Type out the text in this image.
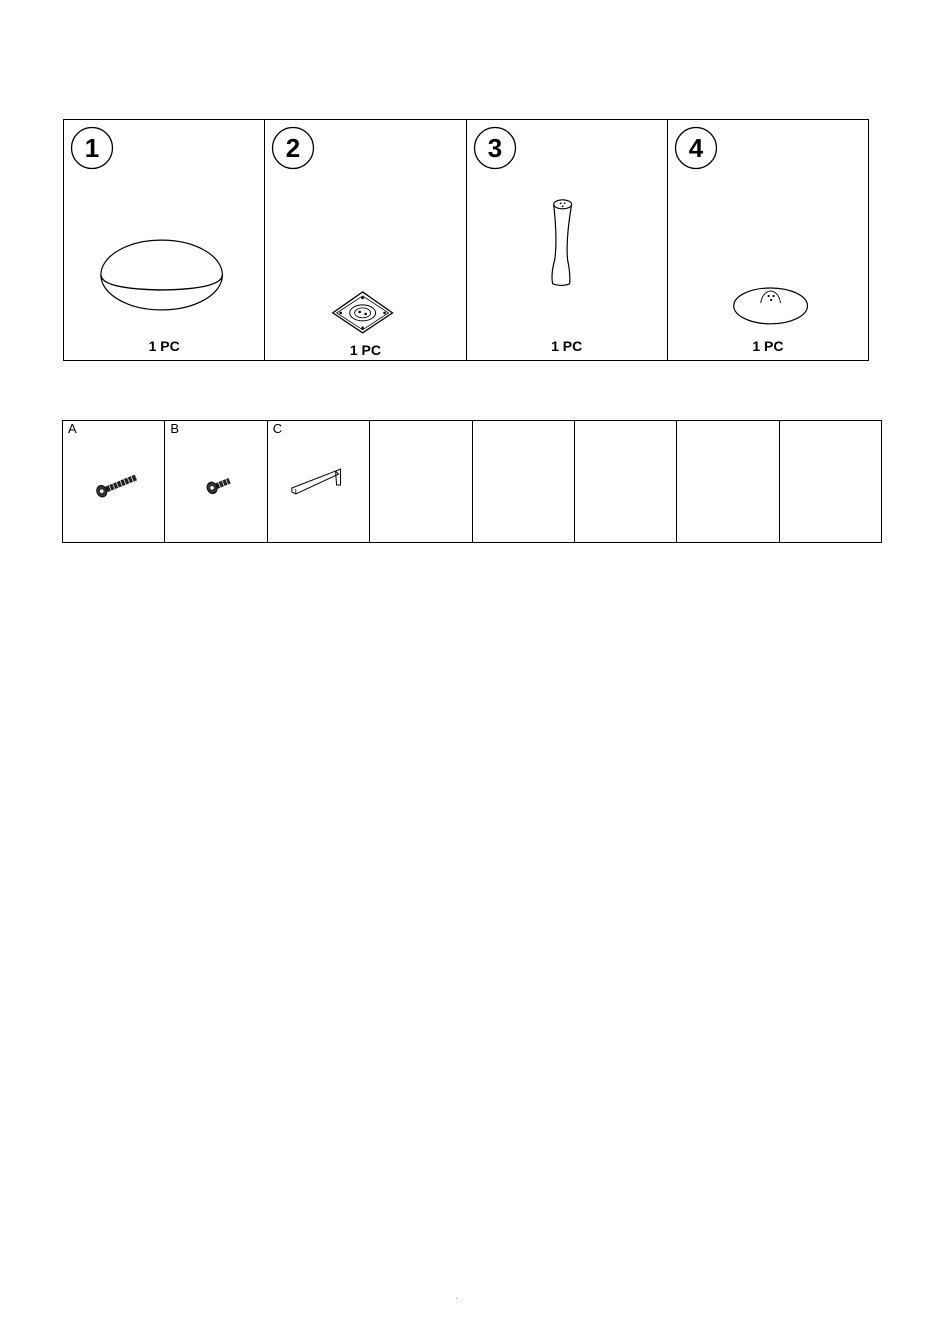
1
1 PC
2
1 PC
3
1 PC
4
1 PC
A	B	C
